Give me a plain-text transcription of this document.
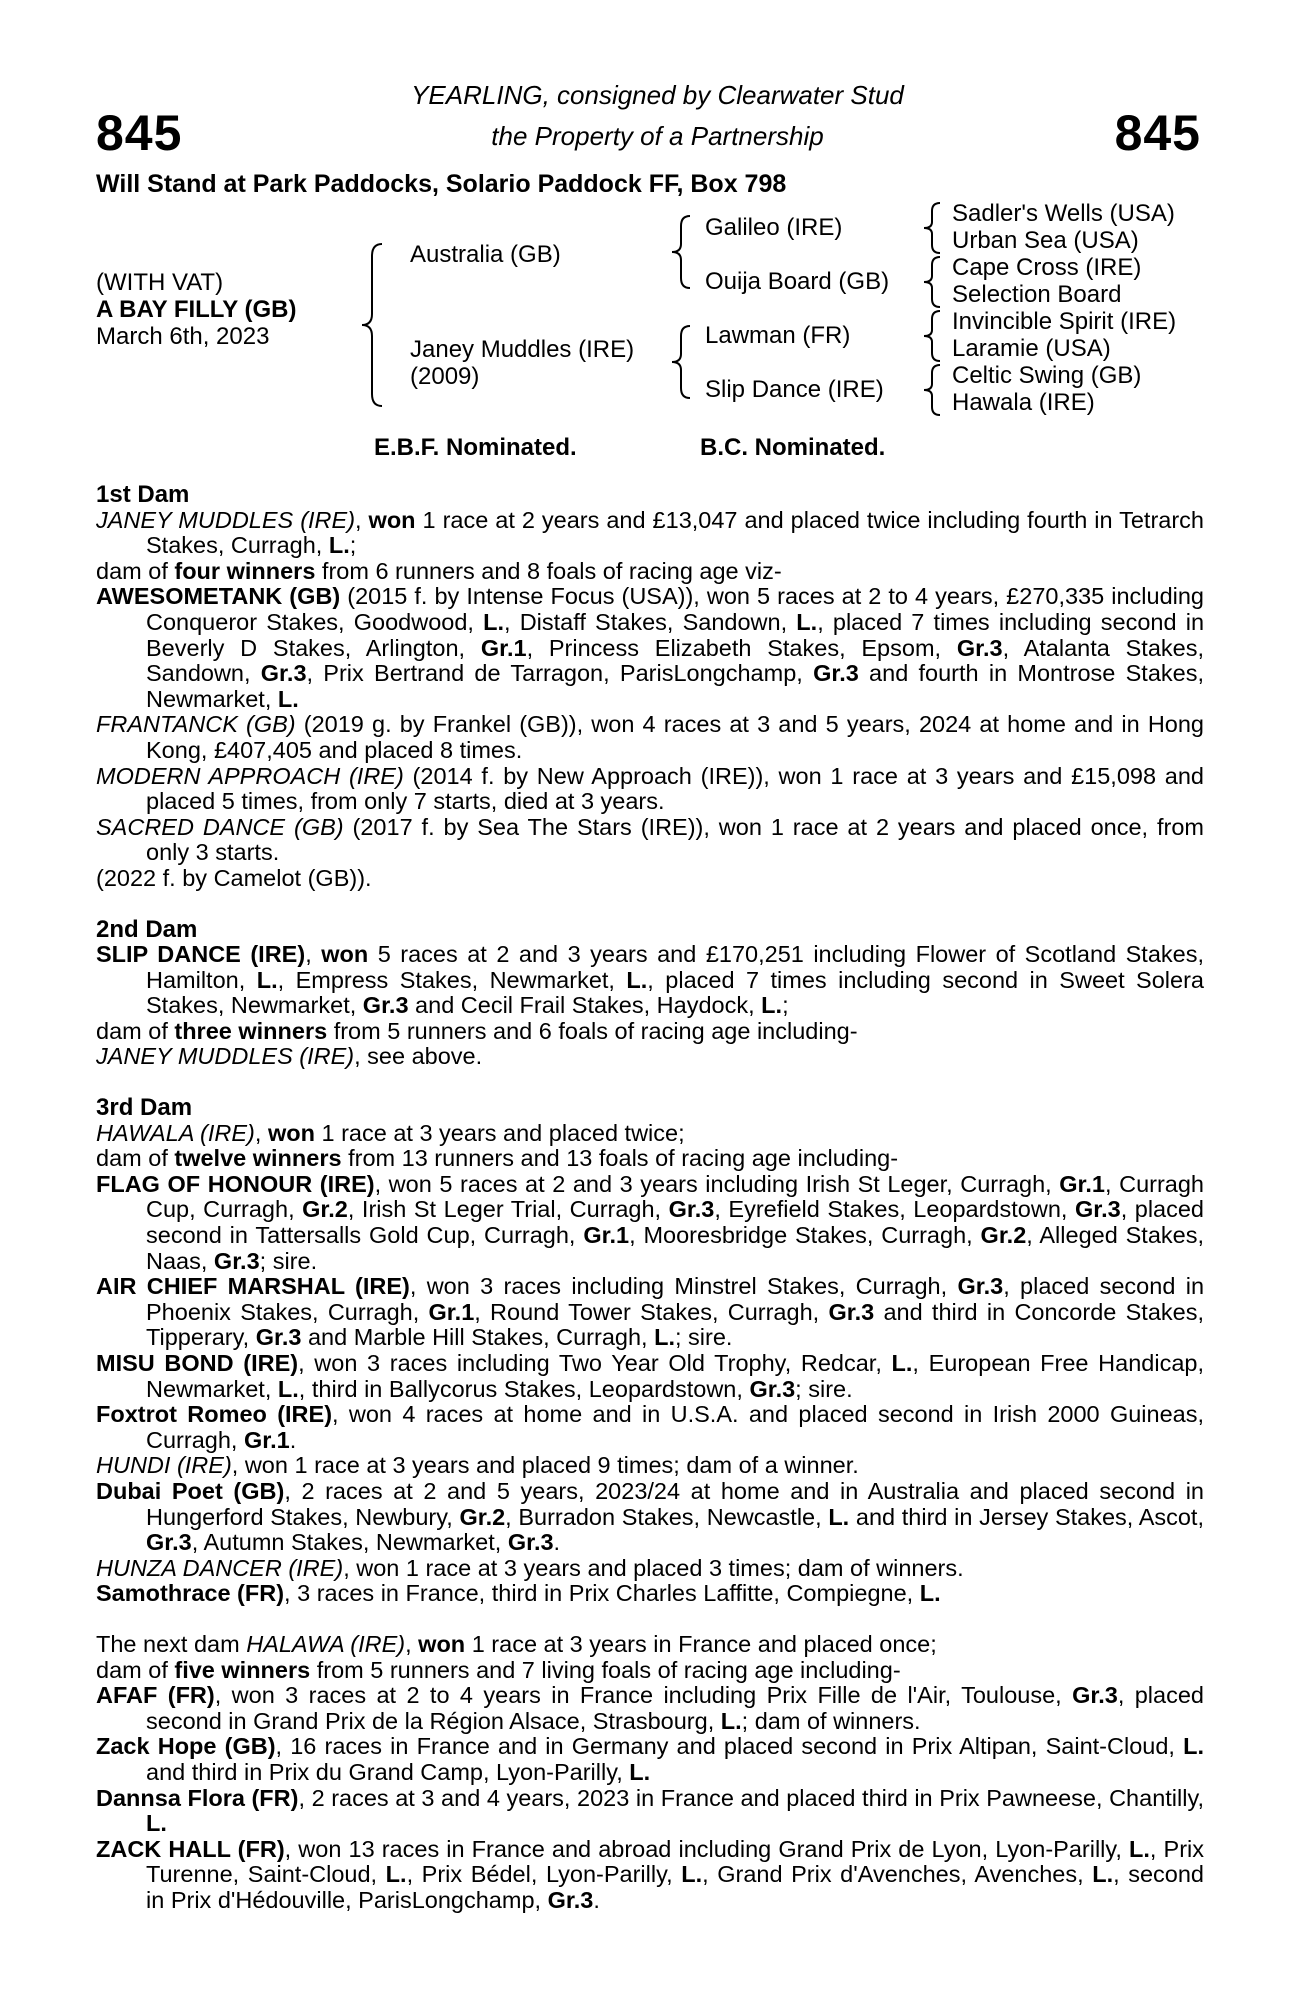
845	845
YEARLING, consigned by Clearwater Stud
the Property of a Partnership
Will Stand at Park Paddocks, Solario Paddock FF, Box 798
(WITH VAT)
A BAY FILLY (GB)
March 6th, 2023
Australia (GB)
Janey Muddles (IRE)
(2009)
Galileo (IRE)
Ouija Board (GB)
Lawman (FR)
Slip Dance (IRE)
Sadler's Wells (USA)
Urban Sea (USA)
Cape Cross (IRE)
Selection Board
Invincible Spirit (IRE)
Laramie (USA)
Celtic Swing (GB)
Hawala (IRE)
E.B.F. Nominated.	B.C. Nominated.

1st Dam

JANEY MUDDLES (IRE), won 1 race at 2 years and £13,047 and placed twice including fourth in Tetrarch Stakes, Curragh, L.;

dam of four winners from 6 runners and 8 foals of racing age viz-

AWESOMETANK (GB) (2015 f. by Intense Focus (USA)), won 5 races at 2 to 4 years, £270,335 including Conqueror Stakes, Goodwood, L., Distaff Stakes, Sandown, L., placed 7 times including second in Beverly D Stakes, Arlington, Gr.1, Princess Elizabeth Stakes, Epsom, Gr.3, Atalanta Stakes, Sandown, Gr.3, Prix Bertrand de Tarragon, ParisLongchamp, Gr.3 and fourth in Montrose Stakes, Newmarket, L.

FRANTANCK (GB) (2019 g. by Frankel (GB)), won 4 races at 3 and 5 years, 2024 at home and in Hong Kong, £407,405 and placed 8 times.

MODERN APPROACH (IRE) (2014 f. by New Approach (IRE)), won 1 race at 3 years and £15,098 and placed 5 times, from only 7 starts, died at 3 years.

SACRED DANCE (GB) (2017 f. by Sea The Stars (IRE)), won 1 race at 2 years and placed once, from only 3 starts.

(2022 f. by Camelot (GB)).

2nd Dam

SLIP DANCE (IRE), won 5 races at 2 and 3 years and £170,251 including Flower of Scotland Stakes, Hamilton, L., Empress Stakes, Newmarket, L., placed 7 times including second in Sweet Solera Stakes, Newmarket, Gr.3 and Cecil Frail Stakes, Haydock, L.;

dam of three winners from 5 runners and 6 foals of racing age including-

JANEY MUDDLES (IRE), see above.

3rd Dam

HAWALA (IRE), won 1 race at 3 years and placed twice;

dam of twelve winners from 13 runners and 13 foals of racing age including-

FLAG OF HONOUR (IRE), won 5 races at 2 and 3 years including Irish St Leger, Curragh, Gr.1, Curragh Cup, Curragh, Gr.2, Irish St Leger Trial, Curragh, Gr.3, Eyrefield Stakes, Leopardstown, Gr.3, placed second in Tattersalls Gold Cup, Curragh, Gr.1, Mooresbridge Stakes, Curragh, Gr.2, Alleged Stakes, Naas, Gr.3; sire.

AIR CHIEF MARSHAL (IRE), won 3 races including Minstrel Stakes, Curragh, Gr.3, placed second in Phoenix Stakes, Curragh, Gr.1, Round Tower Stakes, Curragh, Gr.3 and third in Concorde Stakes, Tipperary, Gr.3 and Marble Hill Stakes, Curragh, L.; sire.

MISU BOND (IRE), won 3 races including Two Year Old Trophy, Redcar, L., European Free Handicap, Newmarket, L., third in Ballycorus Stakes, Leopardstown, Gr.3; sire.

Foxtrot Romeo (IRE), won 4 races at home and in U.S.A. and placed second in Irish 2000 Guineas, Curragh, Gr.1.

HUNDI (IRE), won 1 race at 3 years and placed 9 times; dam of a winner.

Dubai Poet (GB), 2 races at 2 and 5 years, 2023/24 at home and in Australia and placed second in Hungerford Stakes, Newbury, Gr.2, Burradon Stakes, Newcastle, L. and third in Jersey Stakes, Ascot, Gr.3, Autumn Stakes, Newmarket, Gr.3.

HUNZA DANCER (IRE), won 1 race at 3 years and placed 3 times; dam of winners.

Samothrace (FR), 3 races in France, third in Prix Charles Laffitte, Compiegne, L.

The next dam HALAWA (IRE), won 1 race at 3 years in France and placed once;

dam of five winners from 5 runners and 7 living foals of racing age including-

AFAF (FR), won 3 races at 2 to 4 years in France including Prix Fille de l'Air, Toulouse, Gr.3, placed second in Grand Prix de la Région Alsace, Strasbourg, L.; dam of winners.

Zack Hope (GB), 16 races in France and in Germany and placed second in Prix Altipan, Saint-Cloud, L. and third in Prix du Grand Camp, Lyon-Parilly, L.

Dannsa Flora (FR), 2 races at 3 and 4 years, 2023 in France and placed third in Prix Pawneese, Chantilly, L.

ZACK HALL (FR), won 13 races in France and abroad including Grand Prix de Lyon, Lyon-Parilly, L., Prix Turenne, Saint-Cloud, L., Prix Bédel, Lyon-Parilly, L., Grand Prix d'Avenches, Avenches, L., second in Prix d'Hédouville, ParisLongchamp, Gr.3.
